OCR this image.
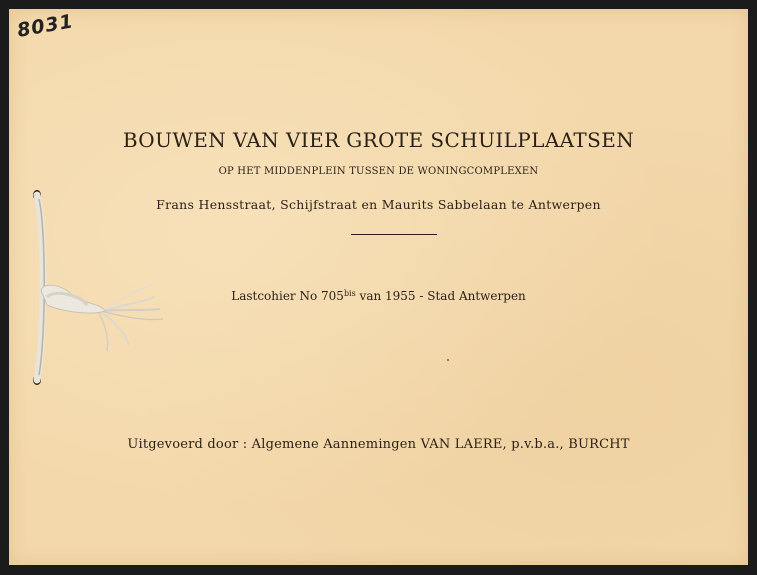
8031
BOUWEN VAN VIER GROTE SCHUILPLAATSEN
OP HET MIDDENPLEIN TUSSEN DE WONINGCOMPLEXEN
Frans Hensstraat, Schijfstraat en Maurits Sabbelaan te Antwerpen
Lastcohier No $705^{bis}$ van 1955 - Stad Antwerpen
Uitgevoerd door : Algemene Aannemingen VAN LAERE, p.v.b.a., BURCHT
